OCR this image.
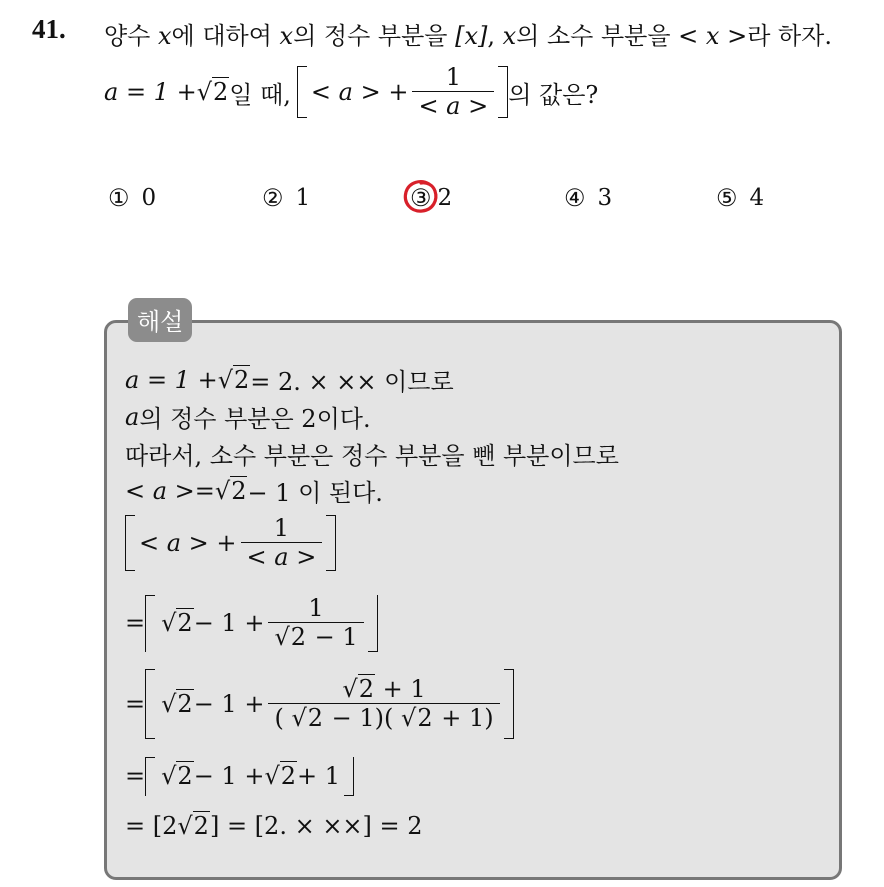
41. 양수 x에 대하여 x의 정수 부분을 [x], x의 소수 부분을 < x >라 하자.
a = 1 + √2 일 때, < a > + $\frac{1}{< a >}$ 의 값은?
① 0	② 1	③ 2	④ 3	⑤ 4
해설
a = 1 + √2 = 2. × ×× 이므로
a 의 정수 부분은 2이다.
따라서, 소수 부분은 정수 부분을 뺀 부분이므로
< a >= √2 − 1 이 된다.
< a > + $\frac{1}{< a >}$
= $√2 - 1 + \frac{1}{√2 - 1}$
= $√2 - 1 + \frac{√2 + 1}{( √2 - 1)( √2 + 1)}$
= √2 − 1 + √2 + 1
= [2 √2 ] = [2. × ××] = 2
